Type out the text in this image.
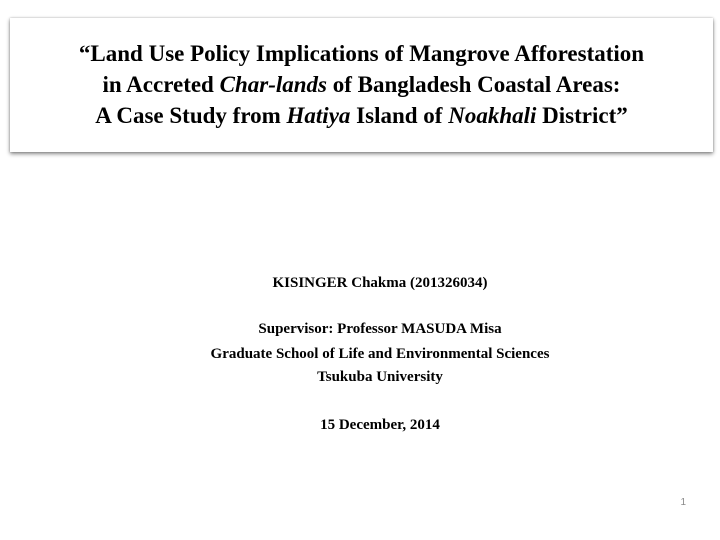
“Land Use Policy Implications of Mangrove Afforestation
in Accreted Char-lands of Bangladesh Coastal Areas:
A Case Study from Hatiya Island of Noakhali District”
KISINGER Chakma (201326034)
Supervisor: Professor MASUDA Misa
Graduate School of Life and Environmental Sciences
Tsukuba University
15 December, 2014
1
